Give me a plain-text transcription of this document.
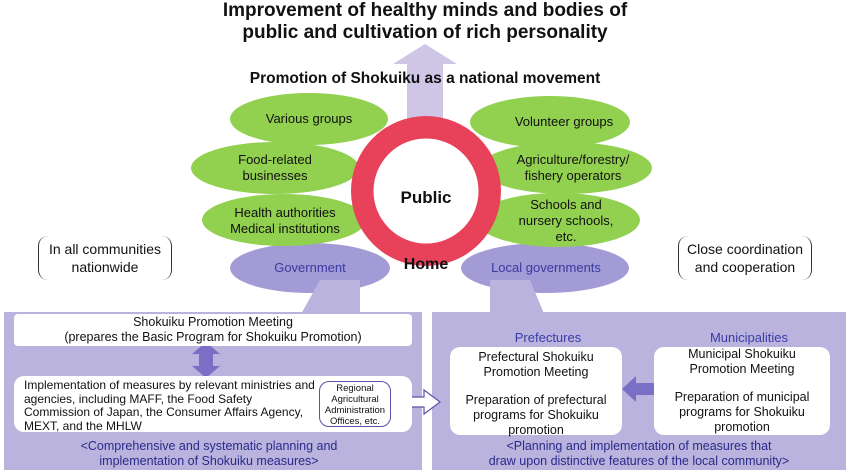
Improvement of healthy minds and bodies of
public and cultivation of rich personality
Promotion of Shokuiku as a national movement
Various groups
Food-related
businesses
Health authorities
Medical institutions
Volunteer groups
Agriculture/forestry/
fishery operators
Schools and
nursery schools,
etc.
Public
Home
Government	Local governments
In all communities
nationwide
Close coordination
and cooperation
Shokuiku Promotion Meeting
(prepares the Basic Program for Shokuiku Promotion)
Implementation of measures by relevant ministries and
agencies, including MAFF, the Food Safety
Commission of Japan, the Consumer Affairs Agency,
MEXT, and the MHLW
Regional
Agricultural
Administration
Offices, etc.
<Comprehensive and systematic planning and
implementation of Shokuiku measures>
Prefectures	Municipalities
Prefectural Shokuiku
Promotion Meeting
Preparation of prefectural
programs for Shokuiku
promotion
Municipal Shokuiku
Promotion Meeting
Preparation of municipal
programs for Shokuiku
promotion
<Planning and implementation of measures that
draw upon distinctive features of the local community>
